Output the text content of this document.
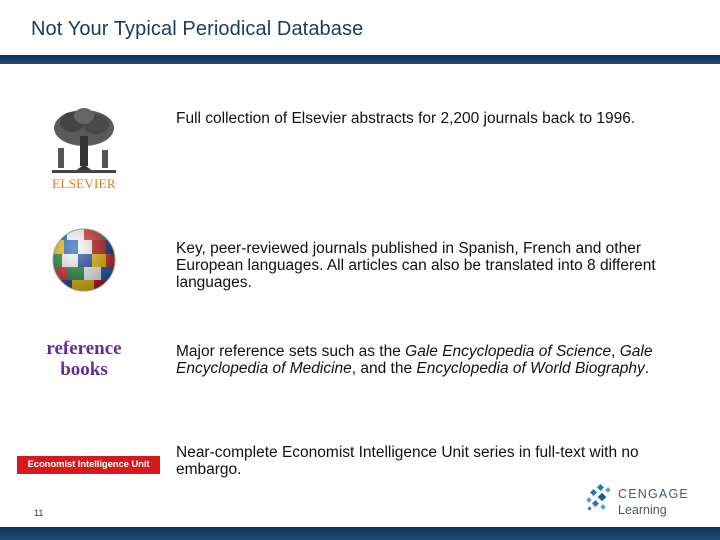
Not Your Typical Periodical Database
ELSEVIER
Full collection of Elsevier abstracts for 2,200 journals back to 1996.
Key, peer-reviewed journals published in Spanish, French and other European languages. All articles can also be translated into 8 different languages.
reference
books
Major reference sets such as the Gale Encyclopedia of Science, Gale Encyclopedia of Medicine, and the Encyclopedia of World Biography.
Economist Intelligence Unit
Near-complete Economist Intelligence Unit series in full-text with no embargo.
11
CENGAGE
Learning
